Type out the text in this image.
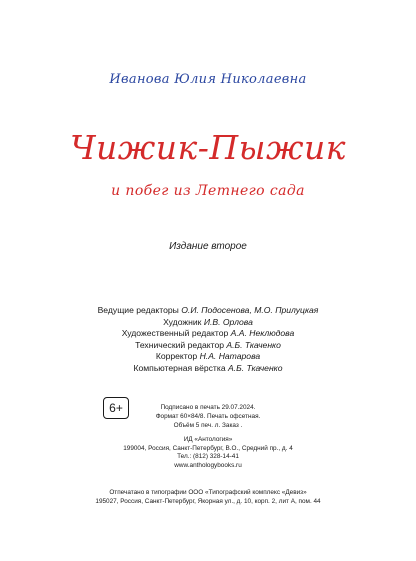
Иванова Юлия Николаевна
Чижик-Пыжик
и побег из Летнего сада
Издание второе
Ведущие редакторы О.И. Подосенова, М.О. Прилуцкая
Художник И.В. Орлова
Художественный редактор А.А. Неклюдова
Технический редактор А.Б. Ткаченко
Корректор Н.А. Натарова
Компьютерная вёрстка А.Б. Ткаченко
6+	Подписано в печать 29.07.2024.
Формат 60×84/8. Печать офсетная.
Объём 5 печ. л. Заказ .
ИД «Антология»
199004, Россия, Санкт-Петербург, В.О., Средний пр., д. 4
Тел.: (812) 328-14-41
www.anthologybooks.ru
Отпечатано в типографии ООО «Типографский комплекс «Девиз»
195027, Россия, Санкт-Петербург, Якорная ул., д. 10, корп. 2, лит А, пом. 44
